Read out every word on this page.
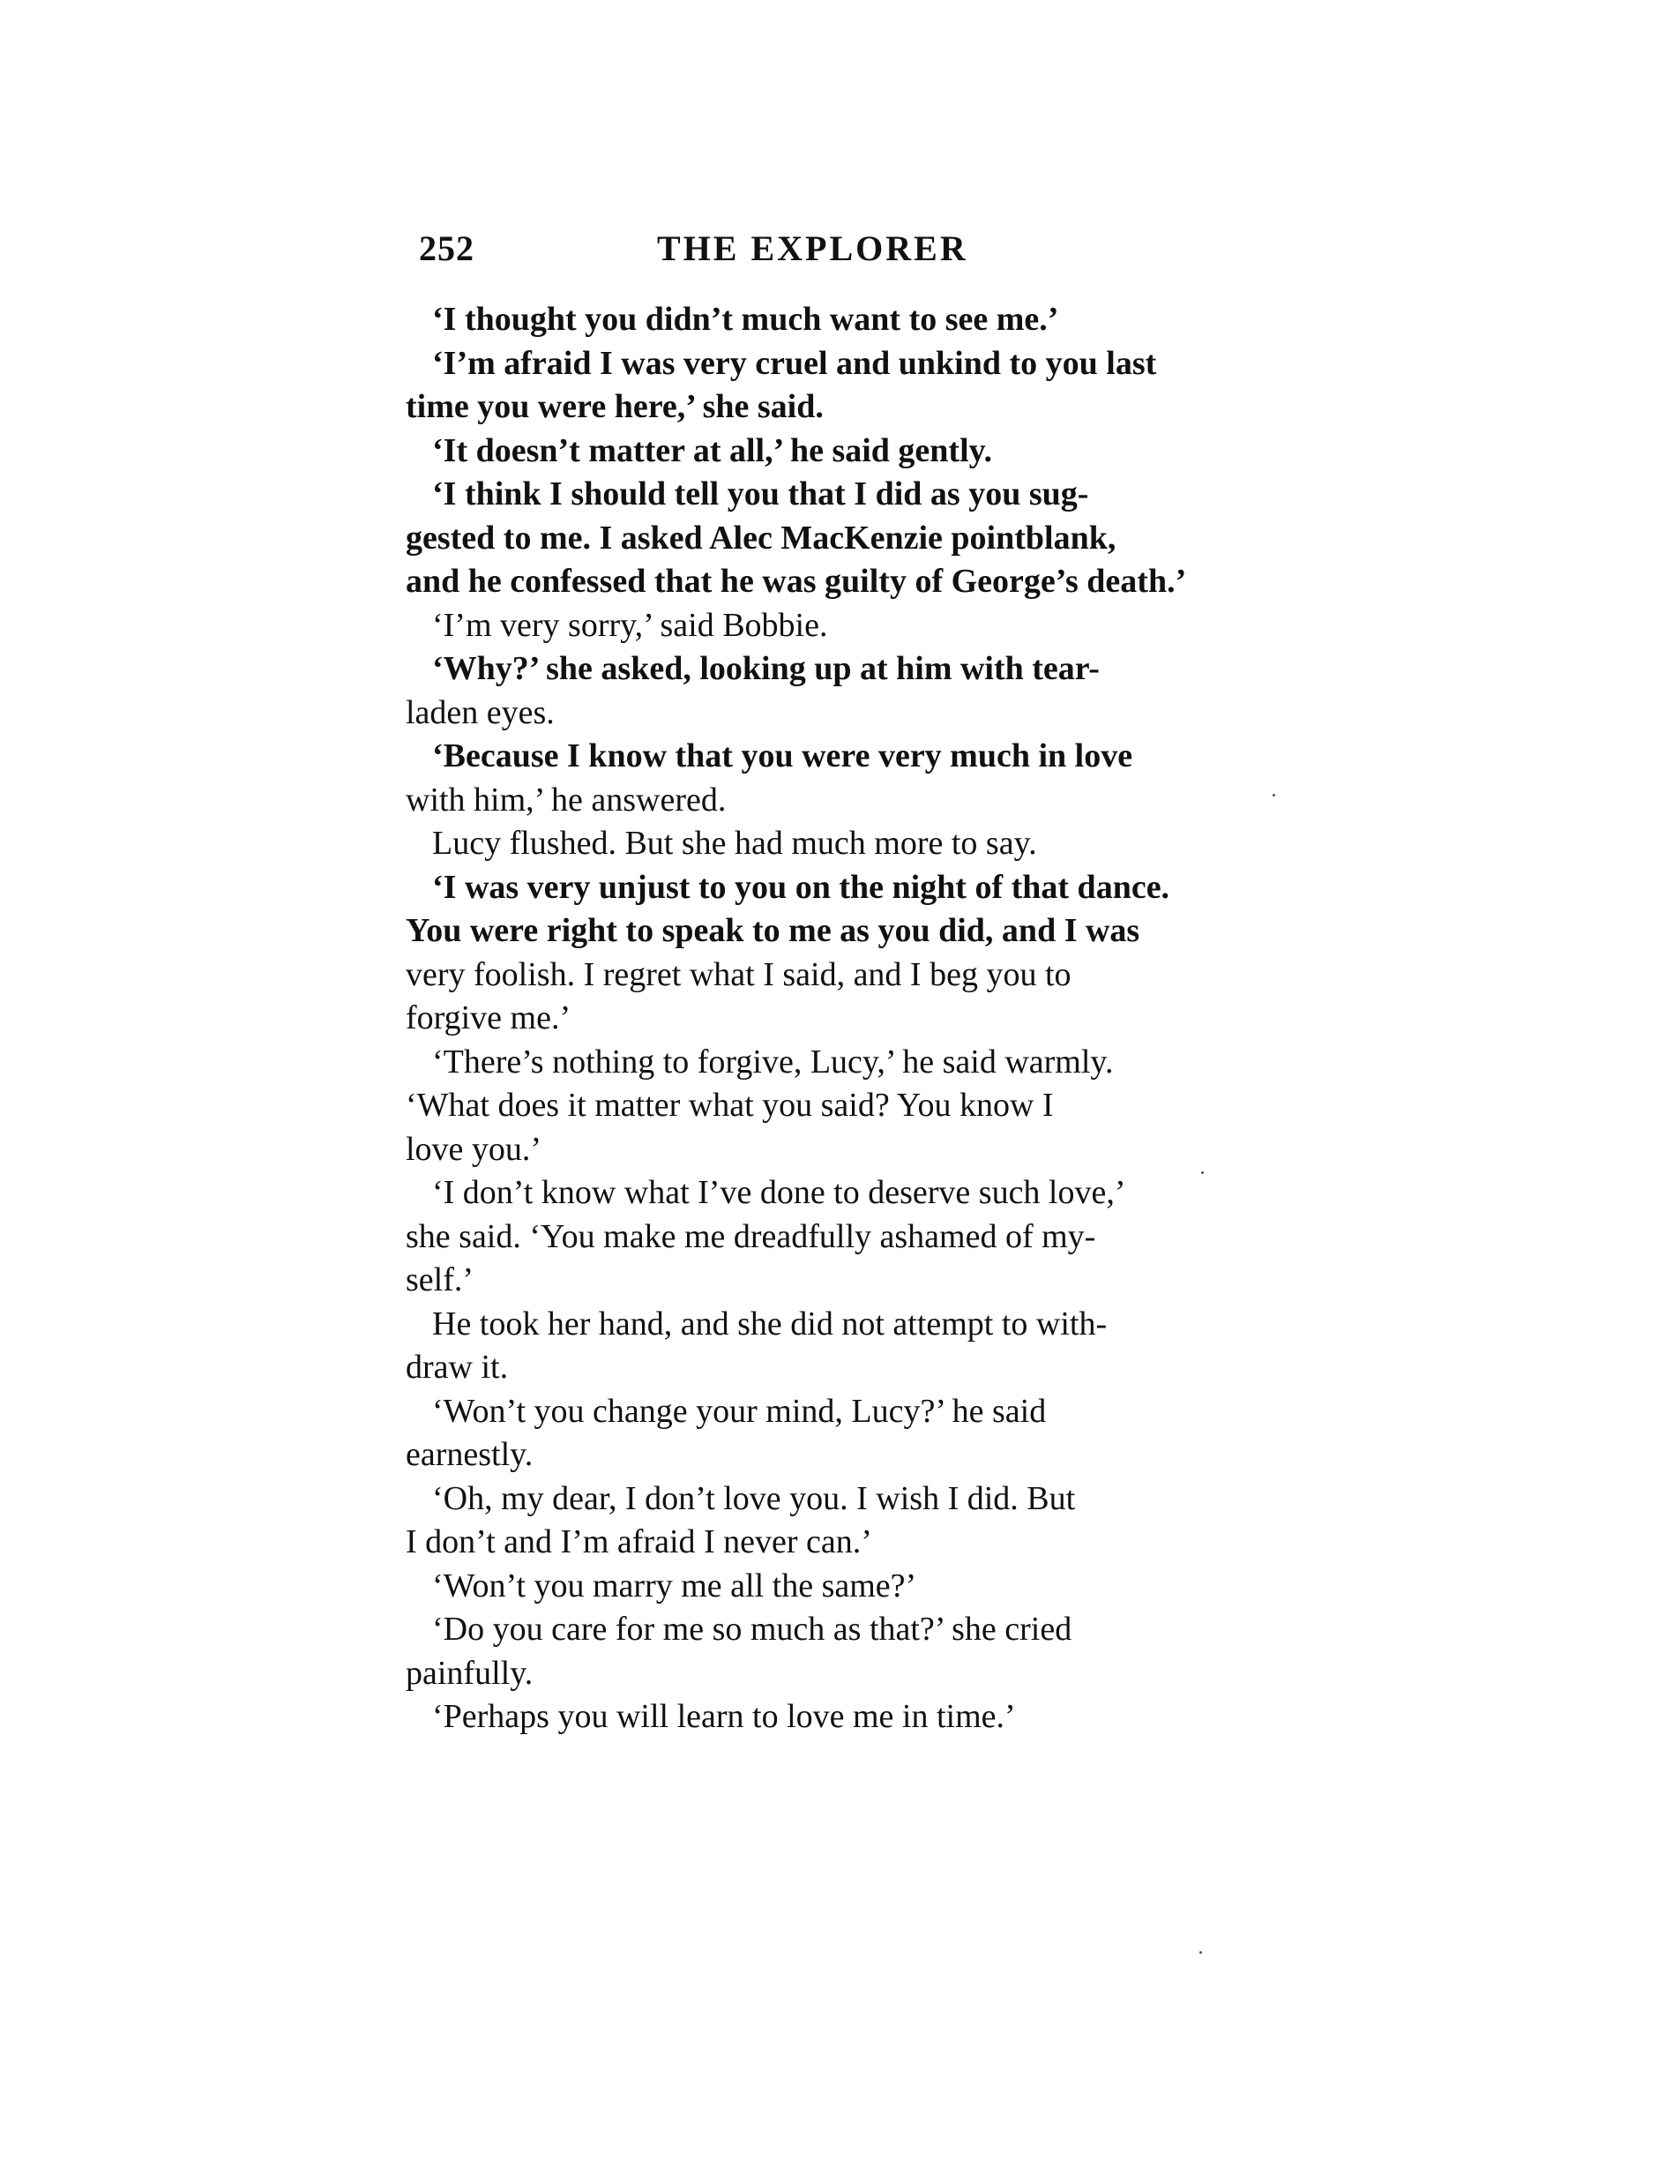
252	THE EXPLORER
‘I thought you didn’t much want to see me.’
‘I’m afraid I was very cruel and unkind to you last
time you were here,’ she said.
‘It doesn’t matter at all,’ he said gently.
‘I think I should tell you that I did as you sug-
gested to me. I asked Alec MacKenzie pointblank,
and he confessed that he was guilty of George’s death.’
‘I’m very sorry,’ said Bobbie.
‘Why?’ she asked, looking up at him with tear-
laden eyes.
‘Because I know that you were very much in love
with him,’ he answered.
Lucy flushed. But she had much more to say.
‘I was very unjust to you on the night of that dance.
You were right to speak to me as you did, and I was
very foolish. I regret what I said, and I beg you to
forgive me.’
‘There’s nothing to forgive, Lucy,’ he said warmly.
‘What does it matter what you said? You know I
love you.’
‘I don’t know what I’ve done to deserve such love,’
she said. ‘You make me dreadfully ashamed of my-
self.’
He took her hand, and she did not attempt to with-
draw it.
‘Won’t you change your mind, Lucy?’ he said
earnestly.
‘Oh, my dear, I don’t love you. I wish I did. But
I don’t and I’m afraid I never can.’
‘Won’t you marry me all the same?’
‘Do you care for me so much as that?’ she cried
painfully.
‘Perhaps you will learn to love me in time.’
